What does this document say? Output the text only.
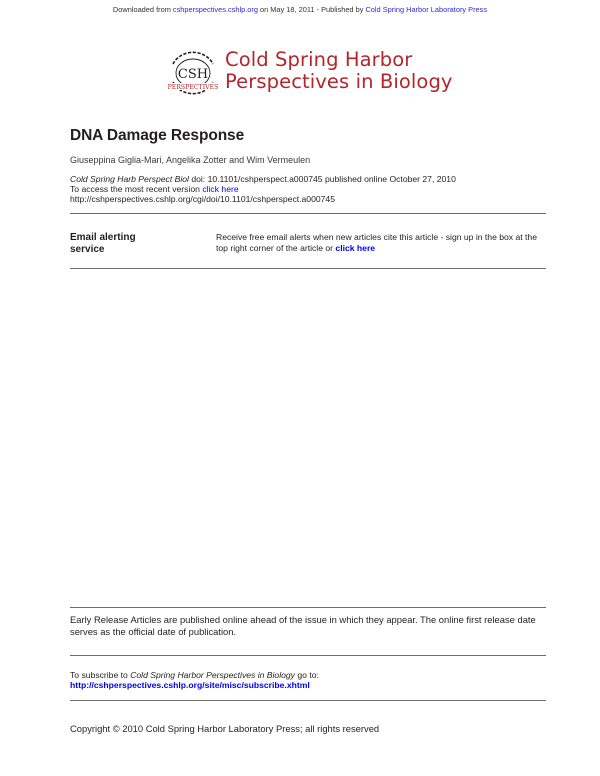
Downloaded from cshperspectives.cshlp.org on May 18, 2011 - Published by Cold Spring Harbor Laboratory Press
CSH
PERSPECTIVES
Cold Spring Harbor
Perspectives in Biology
DNA Damage Response
Giuseppina Giglia-Mari, Angelika Zotter and Wim Vermeulen
Cold Spring Harb Perspect Biol doi: 10.1101/cshperspect.a000745 published online October 27, 2010
To access the most recent version click here
http://cshperspectives.cshlp.org/cgi/doi/10.1101/cshperspect.a000745
Email alerting
service
Receive free email alerts when new articles cite this article - sign up in the box at the top right corner of the article or click here
Early Release Articles are published online ahead of the issue in which they appear. The online first release date serves as the official date of publication.
To subscribe to Cold Spring Harbor Perspectives in Biology go to:
http://cshperspectives.cshlp.org/site/misc/subscribe.xhtml
Copyright © 2010 Cold Spring Harbor Laboratory Press; all rights reserved
